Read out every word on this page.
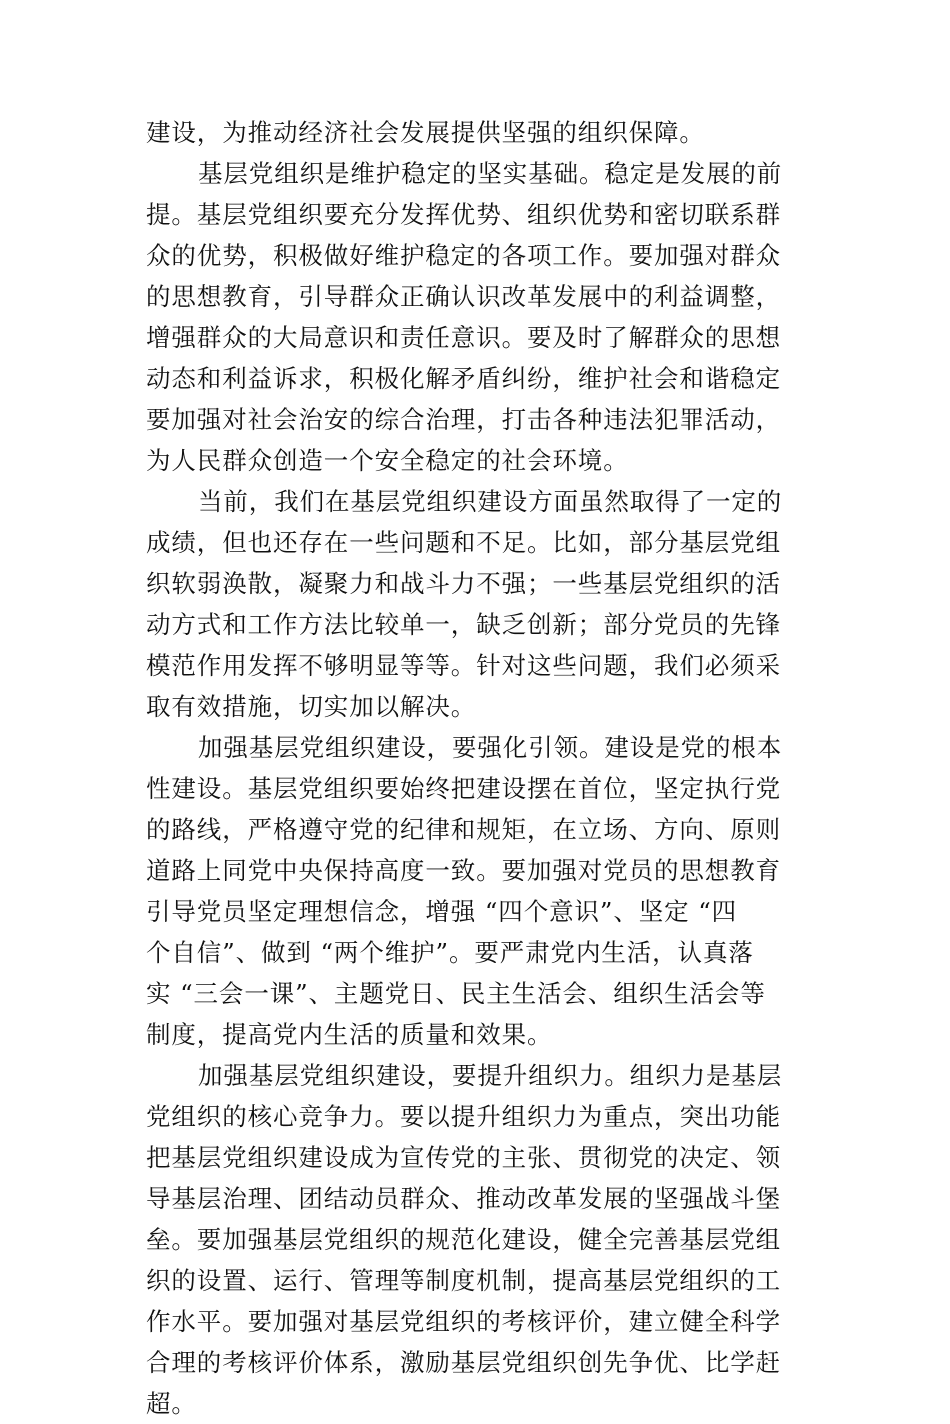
建设，为推动经济社会发展提供坚强的组织保障。
基层党组织是维护稳定的坚实基础。稳定是发展的前
提。基层党组织要充分发挥优势、组织优势和密切联系群
众的优势，积极做好维护稳定的各项工作。要加强对群众
的思想教育，引导群众正确认识改革发展中的利益调整，
增强群众的大局意识和责任意识。要及时了解群众的思想
动态和利益诉求，积极化解矛盾纠纷，维护社会和谐稳定
要加强对社会治安的综合治理，打击各种违法犯罪活动，
为人民群众创造一个安全稳定的社会环境。
当前，我们在基层党组织建设方面虽然取得了一定的
成绩，但也还存在一些问题和不足。比如，部分基层党组
织软弱涣散，凝聚力和战斗力不强；一些基层党组织的活
动方式和工作方法比较单一，缺乏创新；部分党员的先锋
模范作用发挥不够明显等等。针对这些问题，我们必须采
取有效措施，切实加以解决。
加强基层党组织建设，要强化引领。建设是党的根本
性建设。基层党组织要始终把建设摆在首位，坚定执行党
的路线，严格遵守党的纪律和规矩，在立场、方向、原则
道路上同党中央保持高度一致。要加强对党员的思想教育
引导党员坚定理想信念，增强 “四个意识”、坚定 “四
个自信”、做到 “两个维护”。要严肃党内生活，认真落
实 “三会一课”、主题党日、民主生活会、组织生活会等
制度，提高党内生活的质量和效果。
加强基层党组织建设，要提升组织力。组织力是基层
党组织的核心竞争力。要以提升组织力为重点，突出功能
把基层党组织建设成为宣传党的主张、贯彻党的决定、领
导基层治理、团结动员群众、推动改革发展的坚强战斗堡
垒。要加强基层党组织的规范化建设，健全完善基层党组
织的设置、运行、管理等制度机制，提高基层党组织的工
作水平。要加强对基层党组织的考核评价，建立健全科学
合理的考核评价体系，激励基层党组织创先争优、比学赶
超。
